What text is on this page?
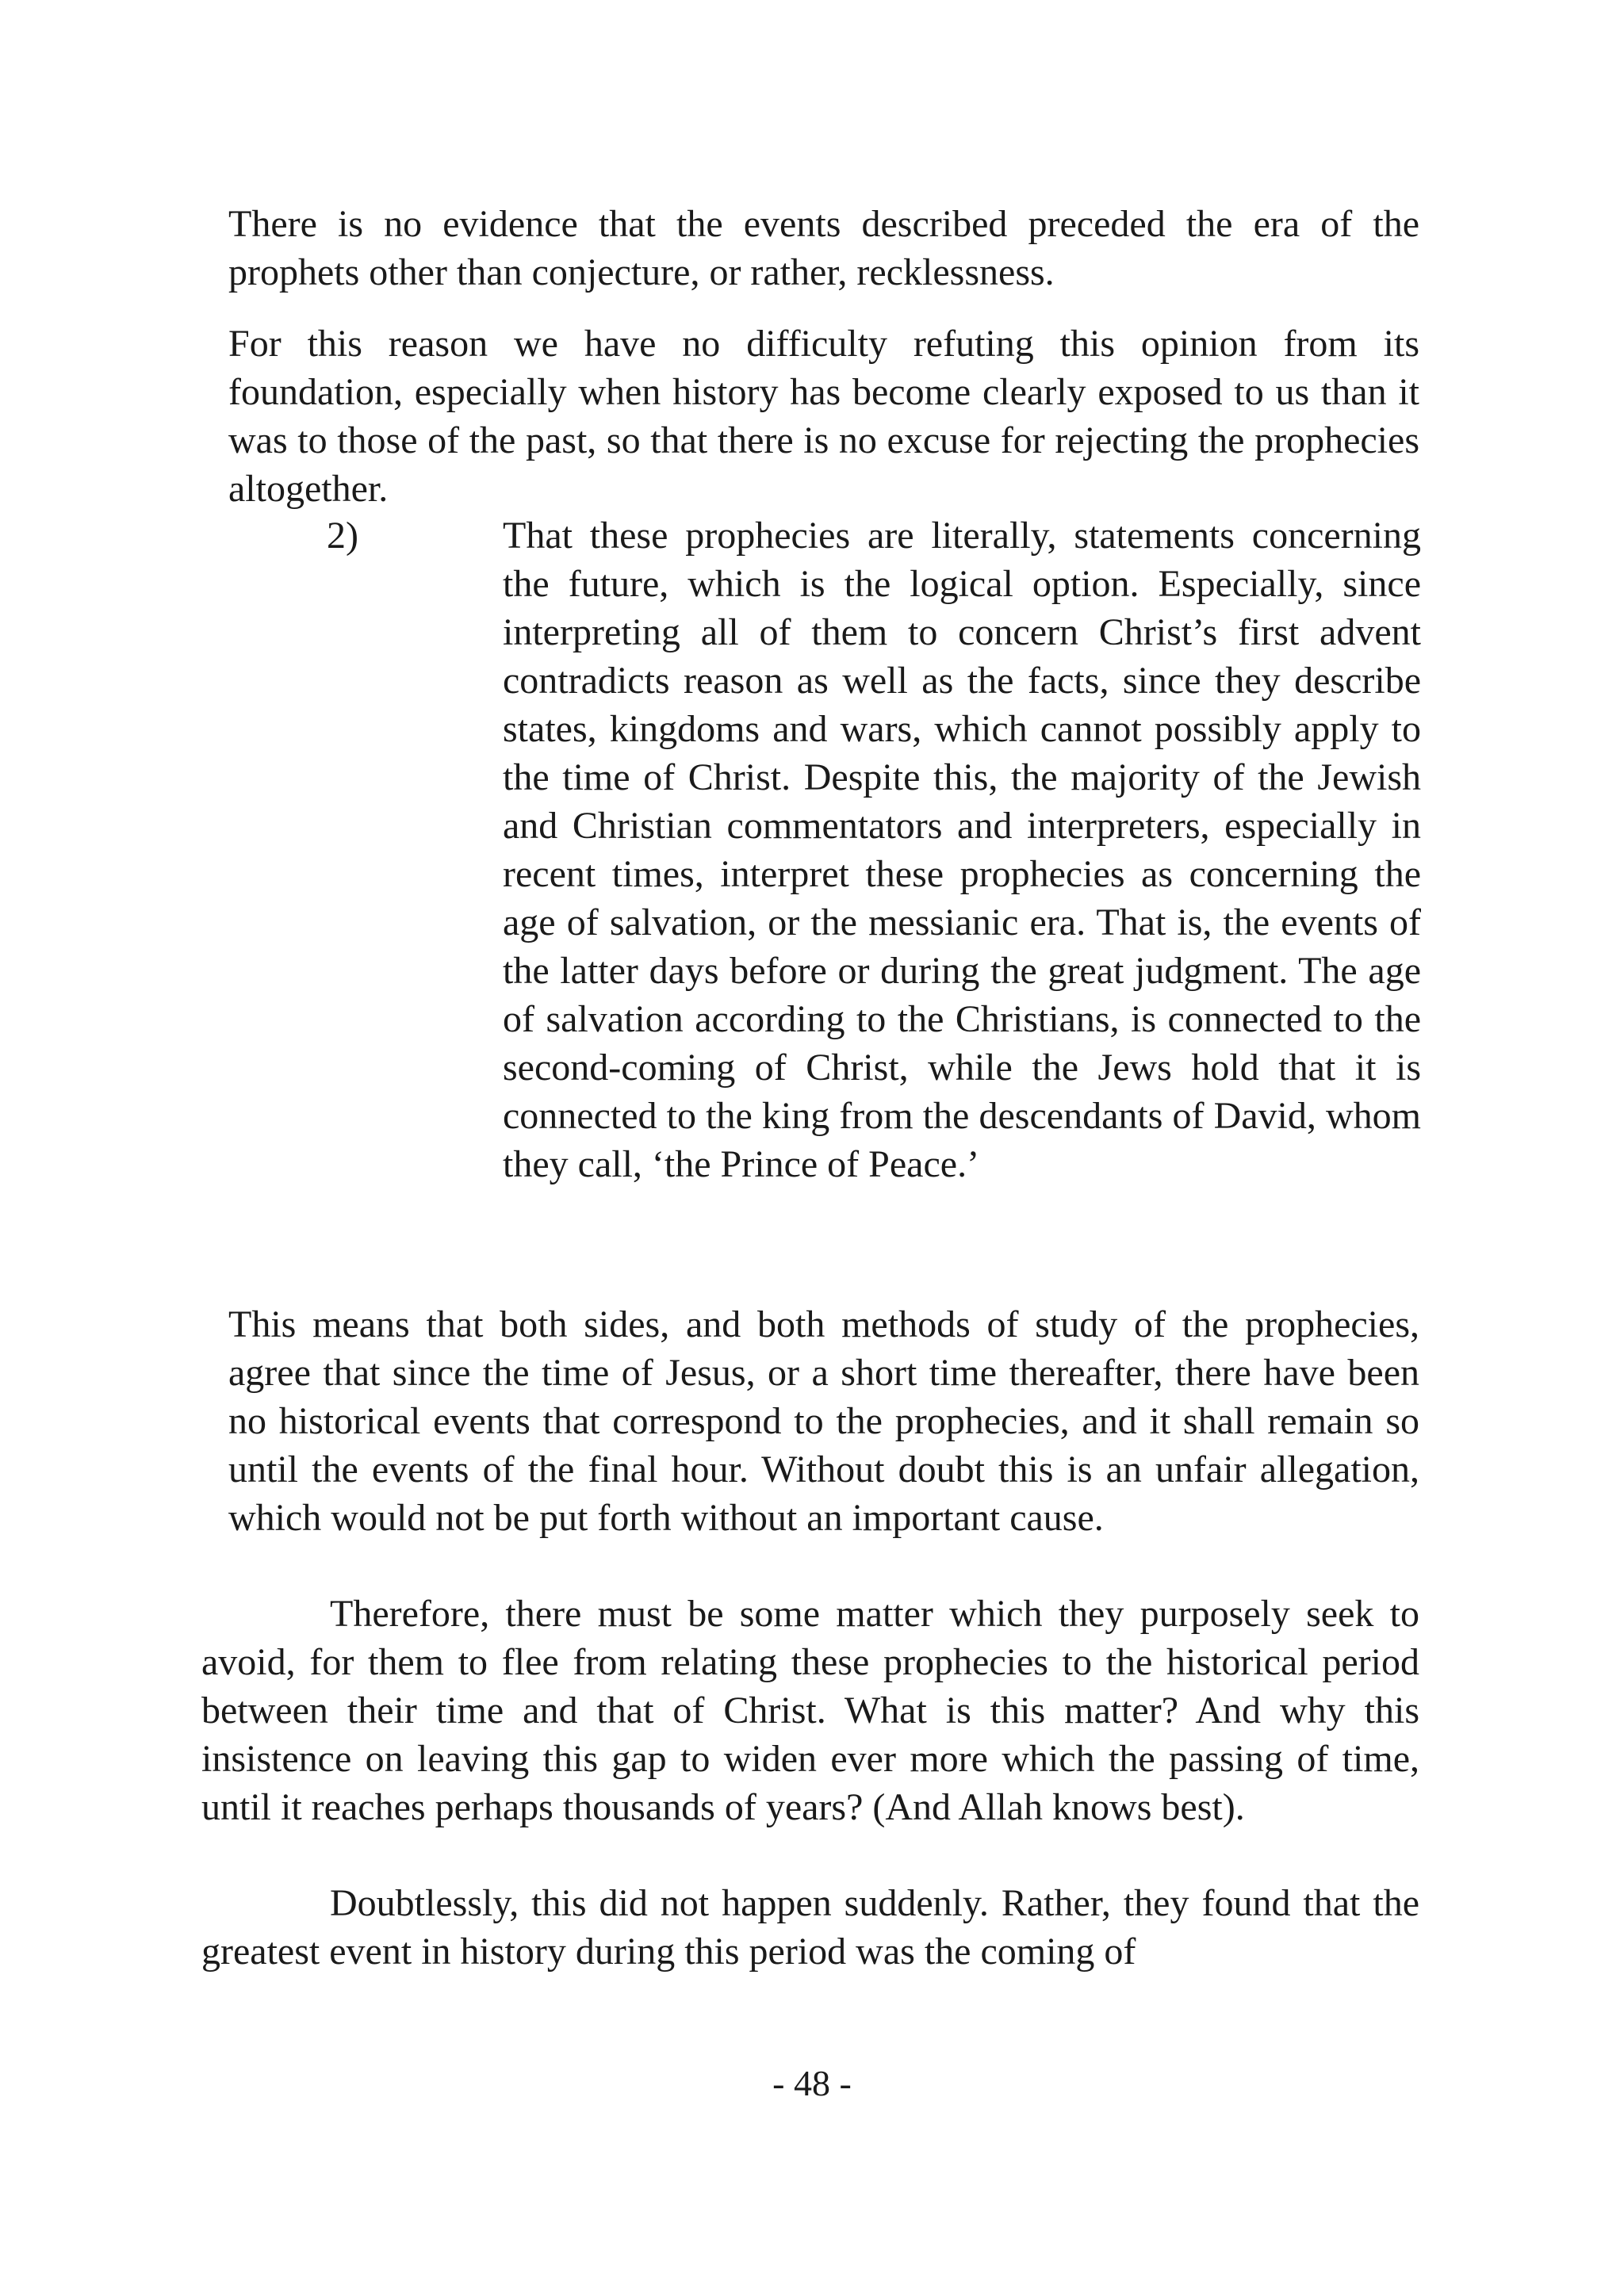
There is no evidence that the events described preceded the era of the prophets other than conjecture, or rather, recklessness.

For this reason we have no difficulty refuting this opinion from its foundation, especially when history has become clearly exposed to us than it was to those of the past, so that there is no excuse for rejecting the prophecies altogether.

2)	That these prophecies are literally, statements concerning the future, which is the logical option. Especially, since interpreting all of them to concern Christ’s first advent contradicts reason as well as the facts, since they describe states, kingdoms and wars, which cannot possibly apply to the time of Christ. Despite this, the majority of the Jewish and Christian commentators and interpreters, especially in recent times, interpret these prophecies as concerning the age of salvation, or the messianic era. That is, the events of the latter days before or during the great judgment. The age of salvation according to the Christians, is connected to the second-coming of Christ, while the Jews hold that it is connected to the king from the descendants of David, whom they call, ‘the Prince of Peace.’

This means that both sides, and both methods of study of the prophecies, agree that since the time of Jesus, or a short time thereafter, there have been no historical events that correspond to the prophecies, and it shall remain so until the events of the final hour. Without doubt this is an unfair allegation, which would not be put forth without an important cause.

Therefore, there must be some matter which they purposely seek to avoid, for them to flee from relating these prophecies to the historical period between their time and that of Christ. What is this matter? And why this insistence on leaving this gap to widen ever more which the passing of time, until it reaches perhaps thousands of years? (And Allah knows best).

Doubtlessly, this did not happen suddenly. Rather, they found that the greatest event in history during this period was the coming of

- 48 -
